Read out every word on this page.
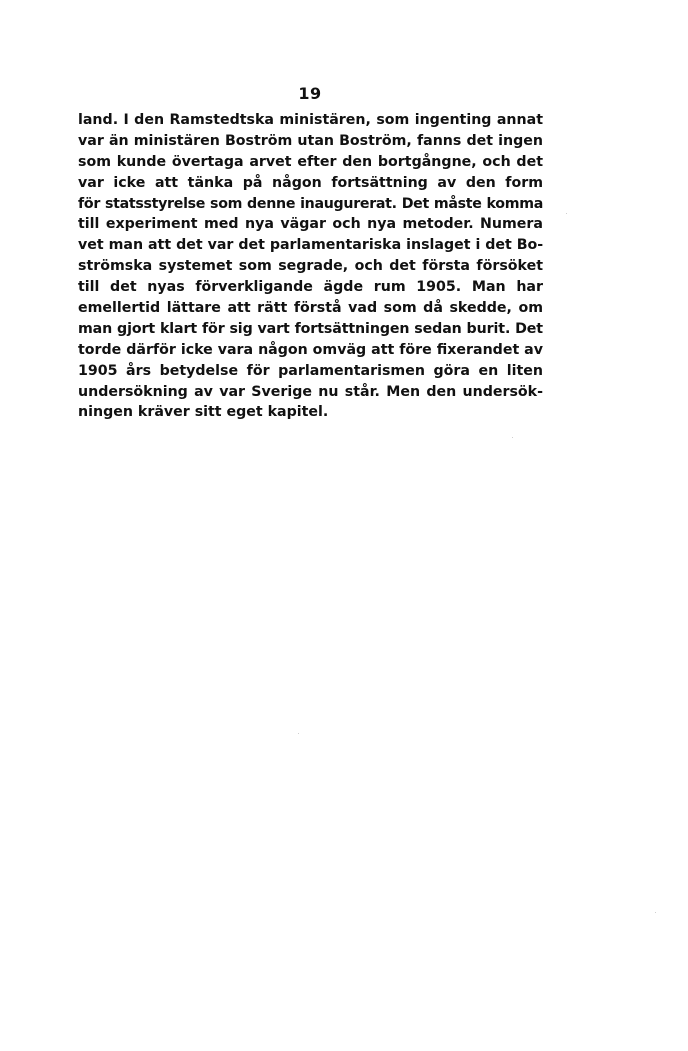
19
land. I den Ramstedtska ministären, som ingenting annat
var än ministären Boström utan Boström, fanns det ingen
som kunde övertaga arvet efter den bortgångne, och det
var icke att tänka på någon fortsättning av den form
för statsstyrelse som denne inaugurerat. Det måste komma
till experiment med nya vägar och nya metoder. Numera
vet man att det var det parlamentariska inslaget i det Bo-
strömska systemet som segrade, och det första försöket
till det nyas förverkligande ägde rum 1905. Man har
emellertid lättare att rätt förstå vad som då skedde, om
man gjort klart för sig vart fortsättningen sedan burit. Det
torde därför icke vara någon omväg att före fixerandet av
1905 års betydelse för parlamentarismen göra en liten
undersökning av var Sverige nu står. Men den undersök-
ningen kräver sitt eget kapitel.
